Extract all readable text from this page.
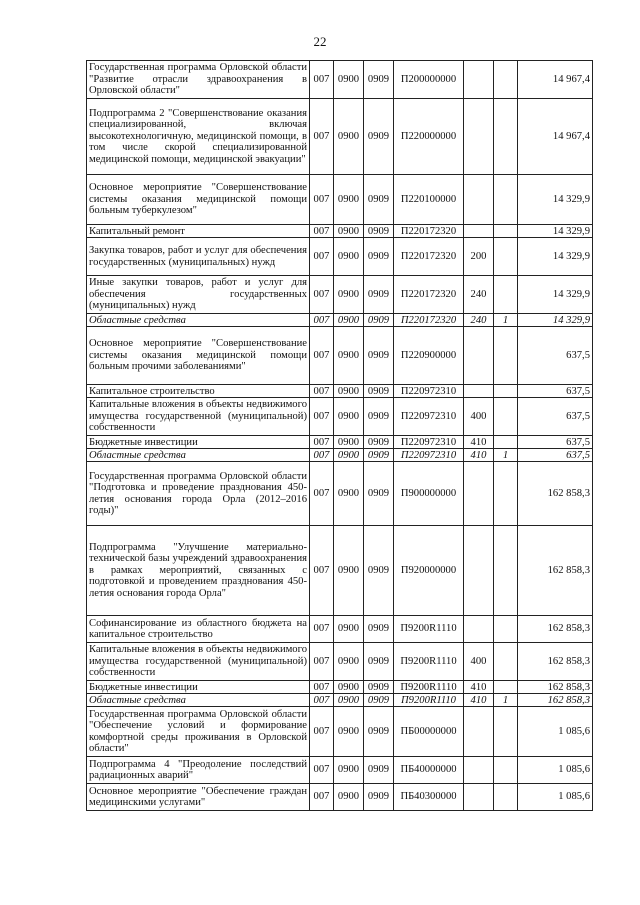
22
Государственная программа Орловской области "Развитие отрасли здравоохранения в Орловской области"	007	0900	0909	П200000000			14 967,4
Подпрограмма 2 "Совершенствование оказания специализированной, включая высокотехнологичную, медицинской помощи, в том числе скорой специализированной медицинской помощи, медицинской эвакуации"	007	0900	0909	П220000000			14 967,4
Основное мероприятие "Совершенствование системы оказания медицинской помощи больным туберкулезом"	007	0900	0909	П220100000			14 329,9
Капитальный ремонт	007	0900	0909	П220172320			14 329,9
Закупка товаров, работ и услуг для обеспечения государственных (муниципальных) нужд	007	0900	0909	П220172320	200		14 329,9
Иные закупки товаров, работ и услуг для обеспечения государственных (муниципальных) нужд	007	0900	0909	П220172320	240		14 329,9
Областные средства	007	0900	0909	П220172320	240	1	14 329,9
Основное мероприятие "Совершенствование системы оказания медицинской помощи больным прочими заболеваниями"	007	0900	0909	П220900000			637,5
Капитальное строительство	007	0900	0909	П220972310			637,5
Капитальные вложения в объекты недвижимого имущества государственной (муниципальной) собственности	007	0900	0909	П220972310	400		637,5
Бюджетные инвестиции	007	0900	0909	П220972310	410		637,5
Областные средства	007	0900	0909	П220972310	410	1	637,5
Государственная программа Орловской области "Подготовка и проведение празднования 450-летия основания города Орла (2012–2016 годы)"	007	0900	0909	П900000000			162 858,3
Подпрограмма "Улучшение материально-технической базы учреждений здравоохранения в рамках мероприятий, связанных с подготовкой и проведением празднования 450-летия основания города Орла"	007	0900	0909	П920000000			162 858,3
Софинансирование из областного бюджета на капитальное строительство	007	0900	0909	П9200R1110			162 858,3
Капитальные вложения в объекты недвижимого имущества государственной (муниципальной) собственности	007	0900	0909	П9200R1110	400		162 858,3
Бюджетные инвестиции	007	0900	0909	П9200R1110	410		162 858,3
Областные средства	007	0900	0909	П9200R1110	410	1	162 858,3
Государственная программа Орловской области "Обеспечение условий и формирование комфортной среды проживания в Орловской области"	007	0900	0909	ПБ00000000			1 085,6
Подпрограмма 4 "Преодоление последствий радиационных аварий"	007	0900	0909	ПБ40000000			1 085,6
Основное мероприятие "Обеспечение граждан медицинскими услугами"	007	0900	0909	ПБ40300000			1 085,6
